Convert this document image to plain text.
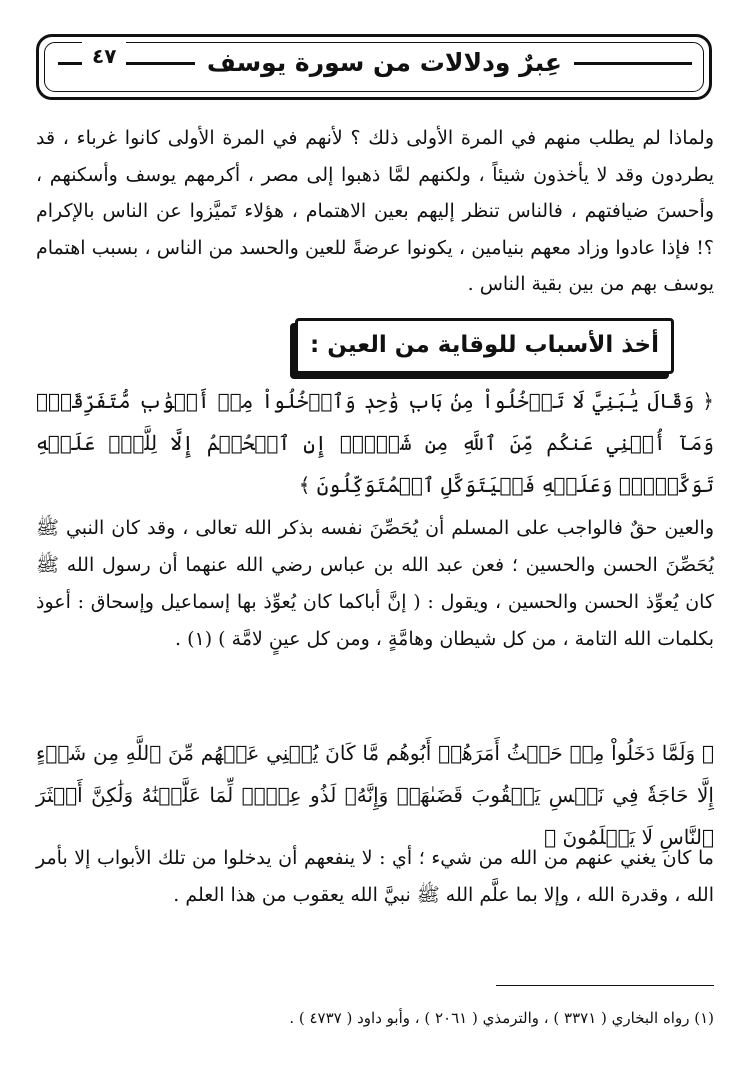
عِبرٌ ودلالات من سورة يوسف
٤٧
ولماذا لم يطلب منهم في المرة الأولى ذلك ؟ لأنهم في المرة الأولى كانوا غرباء ، قد يطردون وقد لا يأخذون شيئاً ، ولكنهم لمَّا ذهبوا إلى مصر ، أكرمهم يوسف وأسكنهم ، وأحسنَ ضيافتهم ، فالناس تنظر إليهم بعين الاهتمام ، هؤلاء تَميَّزوا عن الناس بالإكرام ؟! فإذا عادوا وزاد معهم بنيامين ، يكونوا عرضةً للعين والحسد من الناس ، بسبب اهتمام يوسف بهم من بين بقية الناس .
أخذ الأسباب للوقاية من العين :
﴿ وَقَالَ يَٰبَنِيَّ لَا تَدۡخُلُواْ مِنۢ بَابٖ وَٰحِدٖ وَٱدۡخُلُواْ مِنۡ أَبۡوَٰبٖ مُّتَفَرِّقَةٖۖ وَمَآ أُغۡنِي عَنكُم مِّنَ ٱللَّهِ مِن شَيۡءٍۖ إِنِ ٱلۡحُكۡمُ إِلَّا لِلَّهِۖ عَلَيۡهِ تَوَكَّلۡتُۖ وَعَلَيۡهِ فَلۡيَتَوَكَّلِ ٱلۡمُتَوَكِّلُونَ ﴾
والعين حقٌ فالواجب على المسلم أن يُحَصِّنَ نفسه بذكر الله تعالى ، وقد كان النبي ﷺ يُحَصِّنَ الحسن والحسين ؛ فعن عبد الله بن عباس رضي الله عنهما أن رسول الله ﷺ كان يُعوِّذ الحسن والحسين ، ويقول : ( إنَّ أباكما كان يُعوِّذ بها إسماعيل وإسحاق : أعوذ بكلمات الله التامة ، من كل شيطان وهامَّةٍ ، ومن كل عينٍ لامَّة ) (١) .
﴿ وَلَمَّا دَخَلُواْ مِنۡ حَيۡثُ أَمَرَهُمۡ أَبُوهُم مَّا كَانَ يُغۡنِي عَنۡهُم مِّنَ ٱللَّهِ مِن شَيۡءٍ إِلَّا حَاجَةٗ فِي نَفۡسِ يَعۡقُوبَ قَضَىٰهَاۚ وَإِنَّهُۥ لَذُو عِلۡمٖ لِّمَا عَلَّمۡنَٰهُ وَلَٰكِنَّ أَكۡثَرَ ٱلنَّاسِ لَا يَعۡلَمُونَ ﴾
ما كان يغني عنهم من الله من شيء ؛ أي : لا ينفعهم أن يدخلوا من تلك الأبواب إلا بأمر الله ، وقدرة الله ، وإلا بما علَّم الله ﷺ نبيَّ الله يعقوب من هذا العلم .
(١) رواه البخاري ( ٣٣٧١ ) ، والترمذي ( ٢٠٦١ ) ، وأبو داود ( ٤٧٣٧ ) .
